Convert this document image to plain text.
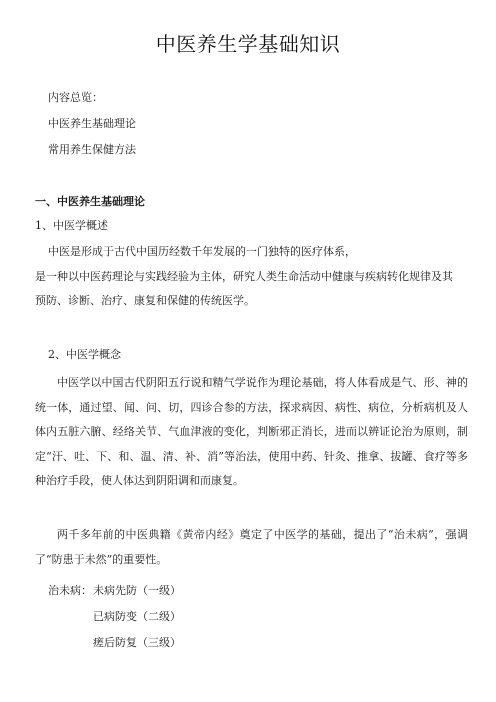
中医养生学基础知识
内容总览：
中医养生基础理论
常用养生保健方法
一、中医养生基础理论
1、中医学概述
中医是形成于古代中国历经数千年发展的一门独特的医疗体系，
是一种以中医药理论与实践经验为主体，研究人类生命活动中健康与疾病转化规律及其
预防、诊断、治疗、康复和保健的传统医学。
2、中医学概念
中医学以中国古代阴阳五行说和精气学说作为理论基础，将人体看成是气、形、神的统一体，通过望、闻、问、切，四诊合参的方法，探求病因、病性、病位，分析病机及人体内五脏六腑、经络关节、气血津液的变化，判断邪正消长，进而以辨证论治为原则，制定“汗、吐、下、和、温、清、补、消”等治法，使用中药、针灸、推拿、拔罐、食疗等多种治疗手段，使人体达到阴阳调和而康复。
两千多年前的中医典籍《黄帝内经》奠定了中医学的基础，提出了“治未病”，强调了“防患于未然”的重要性。
治未病： 未病先防（一级）
已病防变（二级）
瘥后防复（三级）
